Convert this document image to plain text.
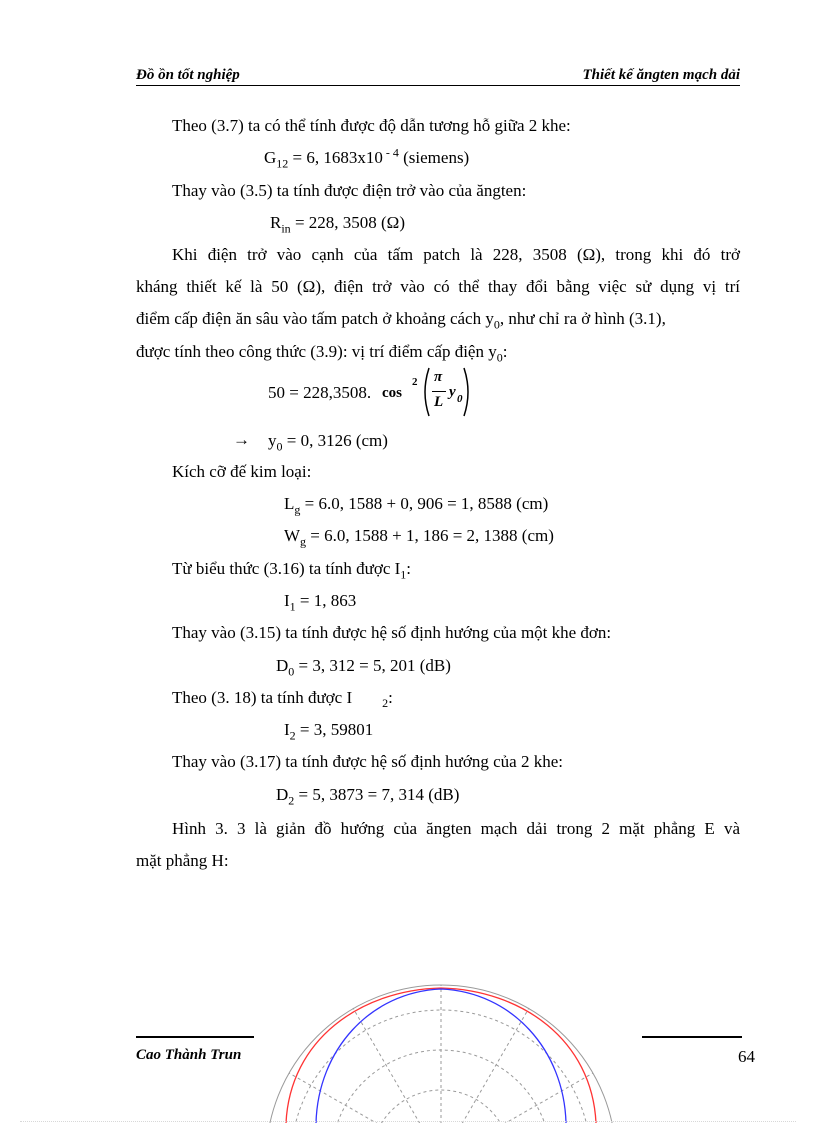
Đồ ồn tốt nghiệp	Thiết kế ăngten mạch dải
Theo (3.7) ta có thể tính được độ dẫn tương hỗ giữa 2 khe:
$G_{12} = 6$, 1683x10 $^{- 4}$ (siemens)
Thay vào (3.5) ta tính được điện trở vào của ăngten:
$R_{in} = 228$, 3508 (Ω)
Khi điện trở vào cạnh của tấm patch là 228, 3508 (Ω), trong khi đó trở
kháng thiết kế là 50 (Ω), điện trở vào có thể thay đổi bằng việc sử dụng vị trí
điểm cấp điện ăn sâu vào tấm patch ở khoảng cách $y_0$, như chỉ ra ở hình (3.1),
được tính theo công thức (3.9): vị trí điểm cấp điện $y_0$:
50 = 228,3508. cos
2 π
L
y 0
→ $y_0 = 0$, 3126 (cm)
Kích cỡ đế kim loại:
$L_g = 6.0$, 1588 + 0, 906 = 1, 8588 (cm)
$W_g = 6.0$, 1588 + 1, 186 = 2, 1388 (cm)
Từ biểu thức (3.16) ta tính được $I_1$:
$I_1 = 1$, 863
Thay vào (3.15) ta tính được hệ số định hướng của một khe đơn:
$D_0 = 3$, 312 = 5, 201 (dB)
Theo (3. 18) ta tính được I	$_2$:
$I_2 = 3$, 59801
Thay vào (3.17) ta tính được hệ số định hướng của 2 khe:
$D_2 = 5$, 3873 = 7, 314 (dB)
Hình 3. 3 là giản đồ hướng của ăngten mạch dải trong 2 mặt phẳng E và
mặt phẳng H:
Cao Thành Trun	64
